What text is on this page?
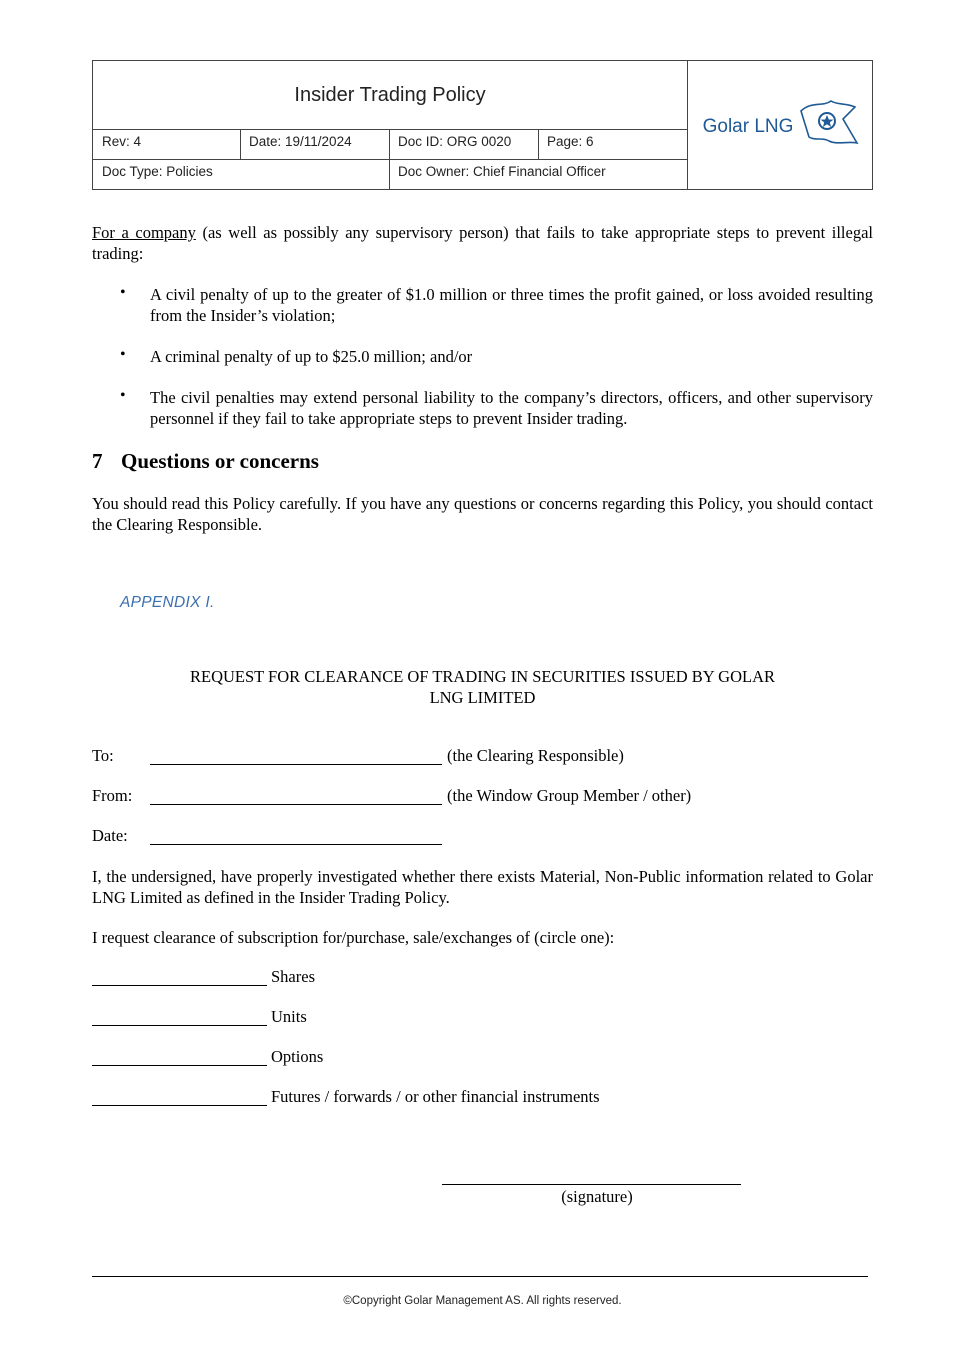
Insider Trading Policy
Rev: 4	Date: 19/11/2024	Doc ID: ORG 0020	Page: 6
Doc Type: Policies	Doc Owner: Chief Financial Officer
Golar LNG
For a company (as well as possibly any supervisory person) that fails to take appropriate steps to prevent illegal trading:
• A civil penalty of up to the greater of $1.0 million or three times the profit gained, or loss avoided resulting from the Insider’s violation;
• A criminal penalty of up to $25.0 million; and/or
• The civil penalties may extend personal liability to the company’s directors, officers, and other supervisory personnel if they fail to take appropriate steps to prevent Insider trading.
7 Questions or concerns
You should read this Policy carefully. If you have any questions or concerns regarding this Policy, you should contact the Clearing Responsible.
APPENDIX I.
REQUEST FOR CLEARANCE OF TRADING IN SECURITIES ISSUED BY GOLAR
LNG LIMITED
To:	(the Clearing Responsible)
From:	(the Window Group Member / other)
Date:
I, the undersigned, have properly investigated whether there exists Material, Non-Public information related to Golar LNG Limited as defined in the Insider Trading Policy.
I request clearance of subscription for/purchase, sale/exchanges of (circle one):
Shares
Units
Options
Futures / forwards / or other financial instruments
(signature)
©Copyright Golar Management AS. All rights reserved.
